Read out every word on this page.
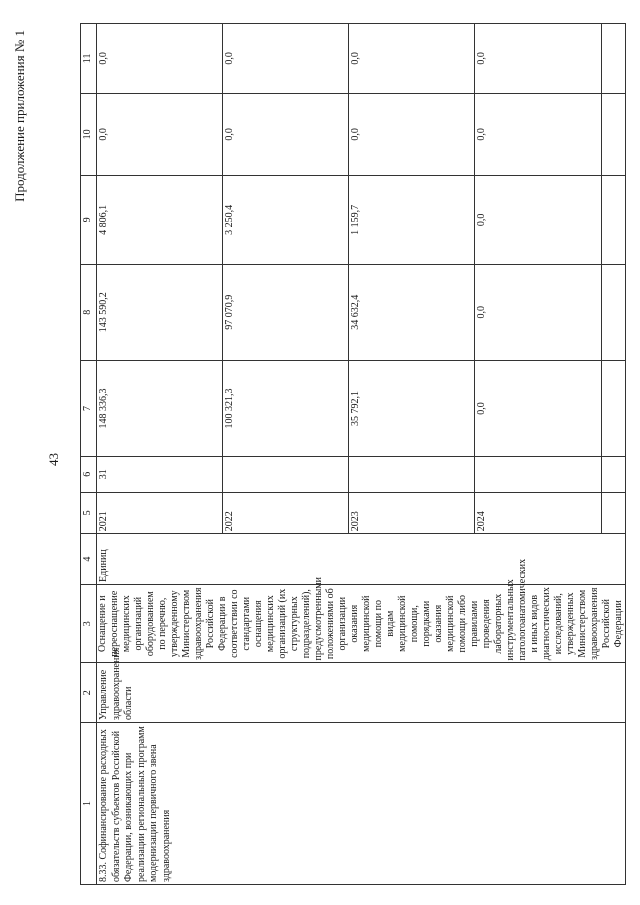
43
Продолжение приложения № 1
1	2	3	4	5	6	7	8	9	10	11
8.33. Софинансирование расходных обязательств субъектов Российской Федерации, возникающих при реализации региональных программ модернизации первичного звена здравоохранения	Управление здравоохранения области	Оснащение и переоснащение медицинских организаций оборудованием по перечню, утвержденному Министерством здравоохранения Российской Федерации в соответствии со стандартами оснащения медицинских организаций (их структурных подразделений), предусмотренными положениями об организации оказания медицинской помощи по видам медицинской помощи, порядками оказания медицинской помощи либо правилами проведения лабораторных инструментальных патологоанатомических и иных видов диагностических исследований, утвержденных Министерством здравоохранения Российской Федерации	Единиц	2021	31	148 336,3	143 590,2	4 806,1	0,0	0,0
				2022		100 321,3	97 070,9	3 250,4	0,0	0,0
				2023		35 792,1	34 632,4	1 159,7	0,0	0,0
				2024		0,0	0,0	0,0	0,0	0,0
